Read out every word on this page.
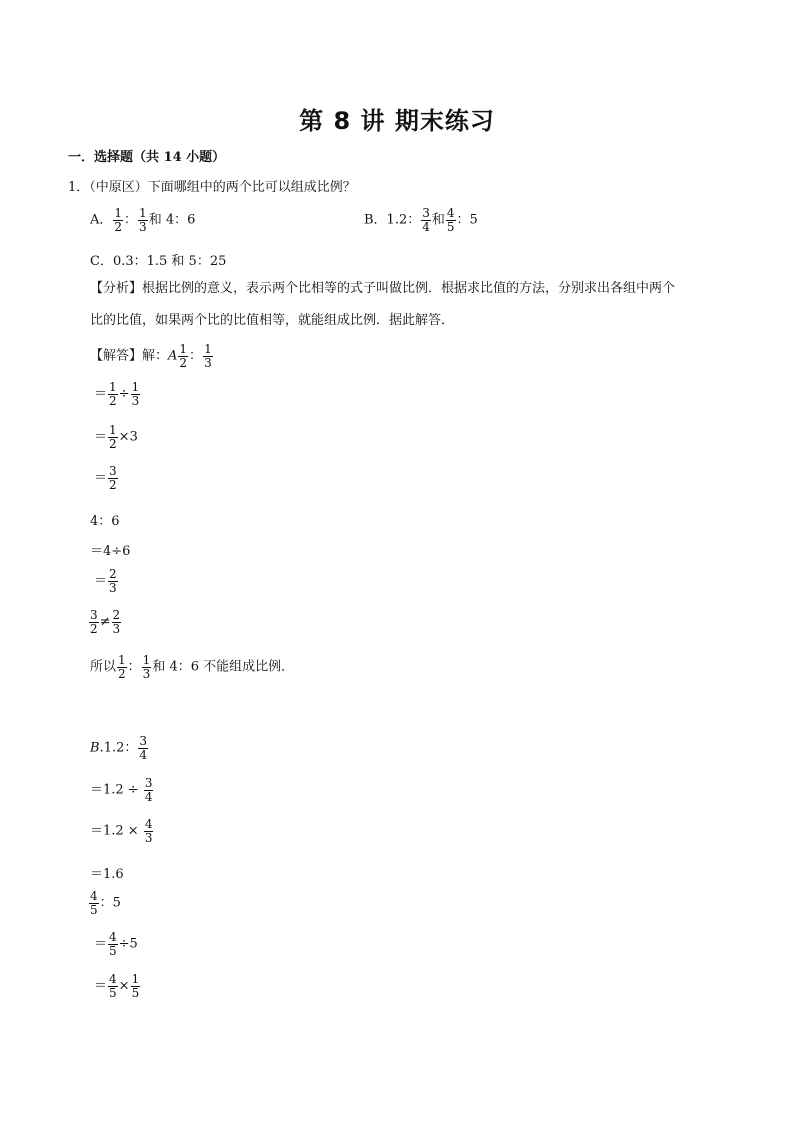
第 8 讲 期末练习
一．选择题（共 14 小题）
1．（中原区）下面哪组中的两个比可以组成比例？
A． $\frac{1}{2}$ ： $\frac{1}{3}$ 和 4：6	B．1.2： $\frac{3}{4}$ 和 $\frac{4}{5}$ ：5
C．0.3：1.5 和 5：25
【分析】根据比例的意义，表示两个比相等的式子叫做比例．根据求比值的方法，分别求出各组中两个
比的比值，如果两个比的比值相等，就能组成比例．据此解答．
【解答】解：A $\frac{1}{2}$ ： $\frac{1}{3}$
＝ $\frac{1}{2} \div \frac{1}{3}$
＝ $\frac{1}{2} \times 3$
＝ $\frac{3}{2}$
4：6
＝4÷6
＝ $\frac{2}{3}$
$\frac{3}{2} \ne \frac{2}{3}$
所以 $\frac{1}{2}$ ： $\frac{1}{3}$ 和 4：6 不能组成比例．
B.1.2： $\frac{3}{4}$
$=1.2 \div \frac{3}{4}$
$=1.2 \times \frac{4}{3}$
＝1.6
$\frac{4}{5}$ ：5
＝ $\frac{4}{5} \div 5$
＝ $\frac{4}{5} \times \frac{1}{5}$
